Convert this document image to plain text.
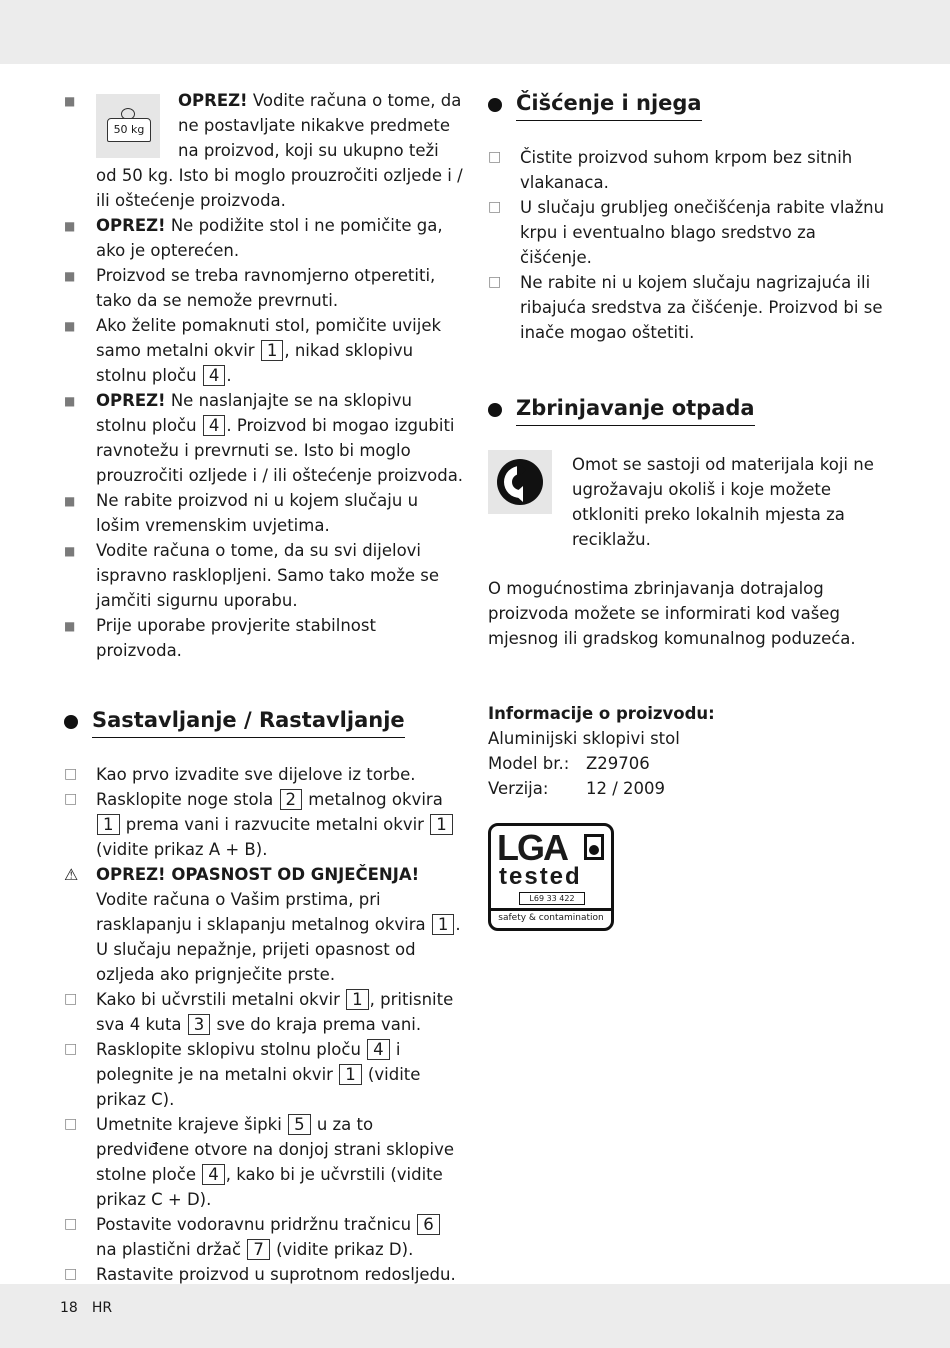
■
50 kg
OPREZ! Vodite računa o tome, da ne postavljate nikakve predmete na proizvod, koji su ukupno teži od 50 kg. Isto bi moglo prouzročiti ozljede i / ili oštećenje proizvoda.
■ OPREZ! Ne podižite stol i ne pomičite ga, ako je opterećen.
■ Proizvod se treba ravnomjerno otperetiti, tako da se nemože prevrnuti.
■ Ako želite pomaknuti stol, pomičite uvijek samo metalni okvir 1 , nikad sklopivu stolnu ploču 4 .
■ OPREZ! Ne naslanjajte se na sklopivu stolnu ploču 4 . Proizvod bi mogao izgubiti ravnotežu i prevrnuti se. Isto bi moglo prouzročiti ozljede i / ili oštećenje proizvoda.
■ Ne rabite proizvod ni u kojem slučaju u lošim vremenskim uvjetima.
■ Vodite računa o tome, da su svi dijelovi ispravno rasklopljeni. Samo tako može se jamčiti sigurnu uporabu.
■ Prije uporabe provjerite stabilnost proizvoda.
Sastavljanje / Rastavljanje
□ Kao prvo izvadite sve dijelove iz torbe.
□ Rasklopite noge stola 2 metalnog okvira 1 prema vani i razvucite metalni okvir 1 (vidite prikaz A + B).
⚠ OPREZ! OPASNOST OD GNJEČENJA!
Vodite računa o Vašim prstima, pri rasklapanju i sklapanju metalnog okvira 1 . U slučaju nepažnje, prijeti opasnost od ozljeda ako prignječite prste.
□ Kako bi učvrstili metalni okvir 1 , pritisnite sva 4 kuta 3 sve do kraja prema vani.
□ Rasklopite sklopivu stolnu ploču 4 i polegnite je na metalni okvir 1 (vidite prikaz C).
□ Umetnite krajeve šipki 5 u za to predviđene otvore na donjoj strani sklopive stolne ploče 4 , kako bi je učvrstili (vidite prikaz C + D).
□ Postavite vodoravnu pridržnu tračnicu 6 na plastični držač 7 (vidite prikaz D).
□ Rastavite proizvod u suprotnom redosljedu.
Čišćenje i njega
□ Čistite proizvod suhom krpom bez sitnih vlakanaca.
□ U slučaju grubljeg onečišćenja rabite vlažnu krpu i eventualno blago sredstvo za čišćenje.
□ Ne rabite ni u kojem slučaju nagrizajuća ili ribajuća sredstva za čišćenje. Proizvod bi se inače mogao oštetiti.
Zbrinjavanje otpada
Omot se sastoji od materijala koji ne ugrožavaju okoliš i koje možete otkloniti preko lokalnih mjesta za reciklažu.
O mogućnostima zbrinjavanja dotrajalog proizvoda možete se informirati kod vašeg mjesnog ili gradskog komunalnog poduzeća.
Informacije o proizvodu:
Aluminijski sklopivi stol
Model br.: Z29706
Verzija: 12 / 2009
LGA
tested
L69 33 422
safety & contamination
18 HR
